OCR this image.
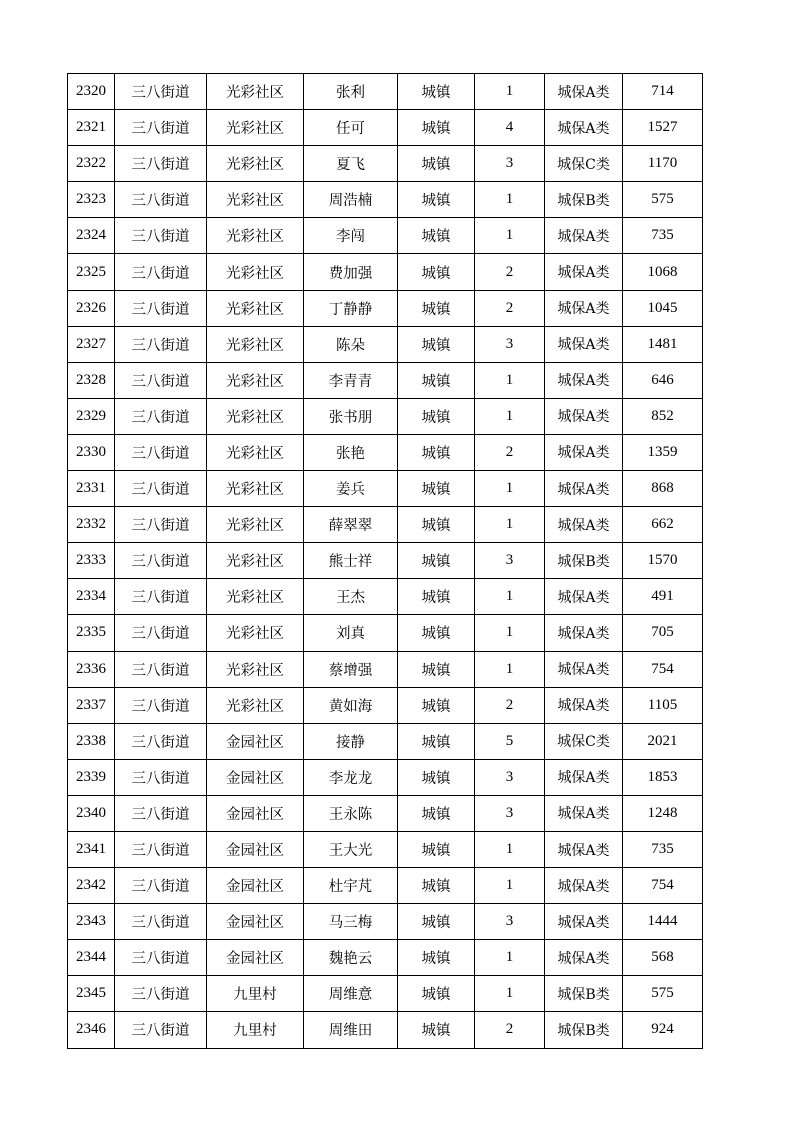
2320	三八街道	光彩社区	张利	城镇	1	城保A类	714
2321	三八街道	光彩社区	任可	城镇	4	城保A类	1527
2322	三八街道	光彩社区	夏飞	城镇	3	城保C类	1170
2323	三八街道	光彩社区	周浩楠	城镇	1	城保B类	575
2324	三八街道	光彩社区	李闯	城镇	1	城保A类	735
2325	三八街道	光彩社区	费加强	城镇	2	城保A类	1068
2326	三八街道	光彩社区	丁静静	城镇	2	城保A类	1045
2327	三八街道	光彩社区	陈朵	城镇	3	城保A类	1481
2328	三八街道	光彩社区	李青青	城镇	1	城保A类	646
2329	三八街道	光彩社区	张书朋	城镇	1	城保A类	852
2330	三八街道	光彩社区	张艳	城镇	2	城保A类	1359
2331	三八街道	光彩社区	姜兵	城镇	1	城保A类	868
2332	三八街道	光彩社区	薛翠翠	城镇	1	城保A类	662
2333	三八街道	光彩社区	熊士祥	城镇	3	城保B类	1570
2334	三八街道	光彩社区	王杰	城镇	1	城保A类	491
2335	三八街道	光彩社区	刘真	城镇	1	城保A类	705
2336	三八街道	光彩社区	蔡增强	城镇	1	城保A类	754
2337	三八街道	光彩社区	黄如海	城镇	2	城保A类	1105
2338	三八街道	金园社区	接静	城镇	5	城保C类	2021
2339	三八街道	金园社区	李龙龙	城镇	3	城保A类	1853
2340	三八街道	金园社区	王永陈	城镇	3	城保A类	1248
2341	三八街道	金园社区	王大光	城镇	1	城保A类	735
2342	三八街道	金园社区	杜宇芃	城镇	1	城保A类	754
2343	三八街道	金园社区	马三梅	城镇	3	城保A类	1444
2344	三八街道	金园社区	魏艳云	城镇	1	城保A类	568
2345	三八街道	九里村	周维意	城镇	1	城保B类	575
2346	三八街道	九里村	周维田	城镇	2	城保B类	924
